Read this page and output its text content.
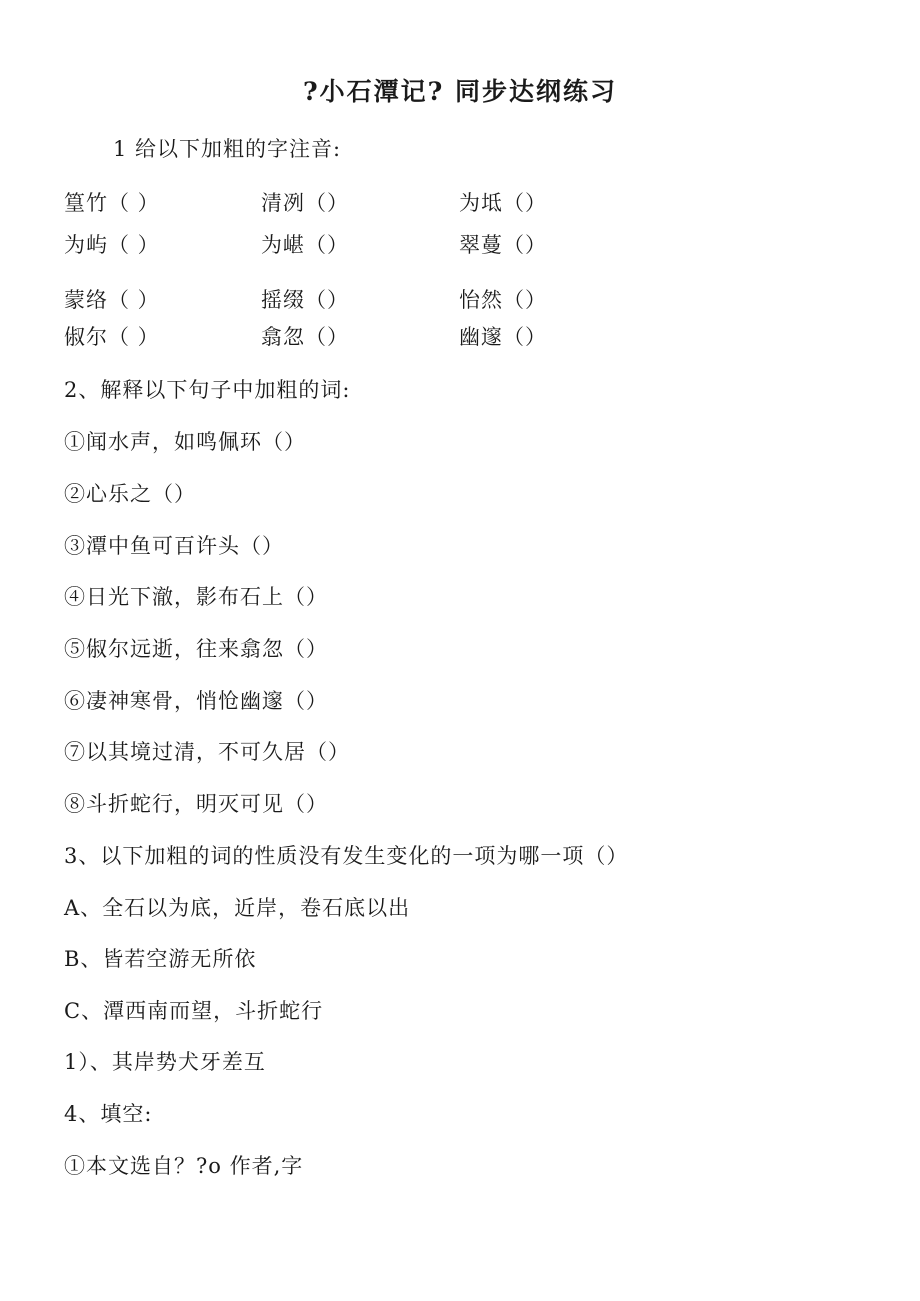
?小石潭记? 同步达纲练习
1 给以下加粗的字注音:
篁竹（ ）	清冽（）	为坻（）
为屿（ ）	为嵁（）	翠蔓（）
蒙络（ ）	摇缀（）	怡然（）
俶尔（ ）	翕忽（）	幽邃（）
2、解释以下句子中加粗的词:
①闻水声，如鸣佩环（）
②心乐之（）
③潭中鱼可百许头（）
④日光下澈，影布石上（）
⑤俶尔远逝，往来翕忽（）
⑥凄神寒骨，悄怆幽邃（）
⑦以其境过清，不可久居（）
⑧斗折蛇行，明灭可见（）
3、以下加粗的词的性质没有发生变化的一项为哪一项（）
A、全石以为底，近岸，卷石底以出
B、皆若空游无所依
C、潭西南而望，斗折蛇行
1）、其岸势犬牙差互
4、填空:
①本文选自？?o 作者,字
